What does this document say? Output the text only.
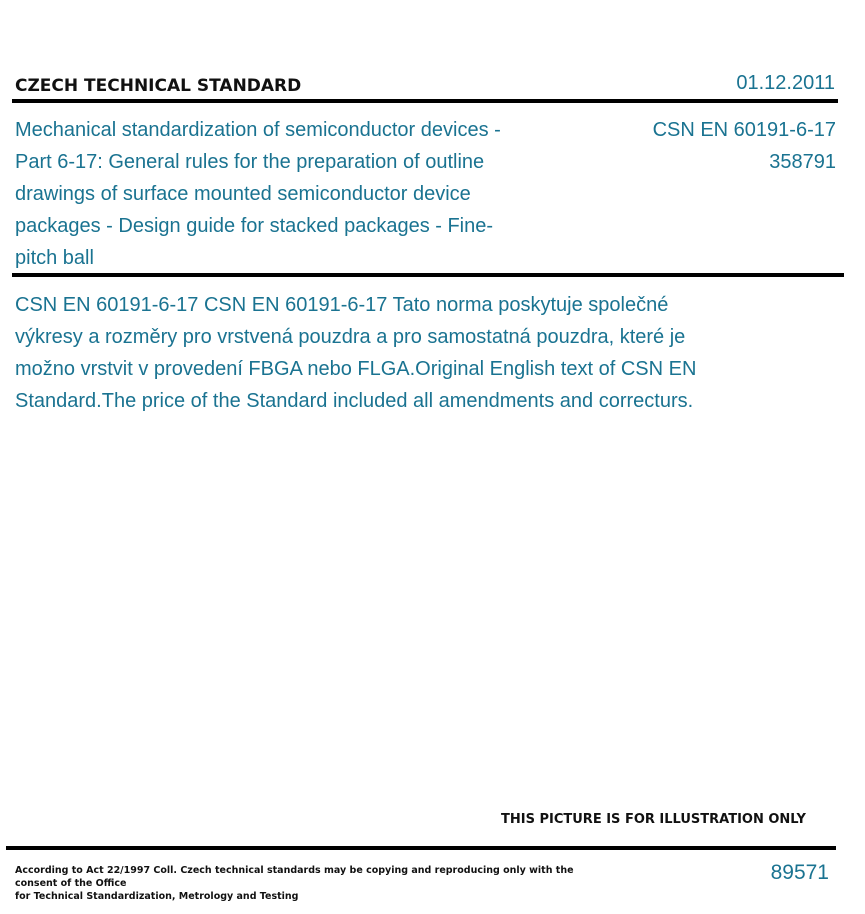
CZECH TECHNICAL STANDARD	01.12.2011
Mechanical standardization of semiconductor devices - Part 6-17: General rules for the preparation of outline drawings of surface mounted semiconductor device packages - Design guide for stacked packages - Fine-pitch ball
CSN EN 60191-6-17
358791
CSN EN 60191-6-17 CSN EN 60191-6-17 Tato norma poskytuje společné výkresy a rozměry pro vrstvená pouzdra a pro samostatná pouzdra, které je možno vrstvit v provedení FBGA nebo FLGA.Original English text of CSN EN Standard.The price of the Standard included all amendments and correcturs.
THIS PICTURE IS FOR ILLUSTRATION ONLY
According to Act 22/1997 Coll. Czech technical standards may be copying and reproducing only with the consent of the Office
for Technical Standardization, Metrology and Testing
89571
